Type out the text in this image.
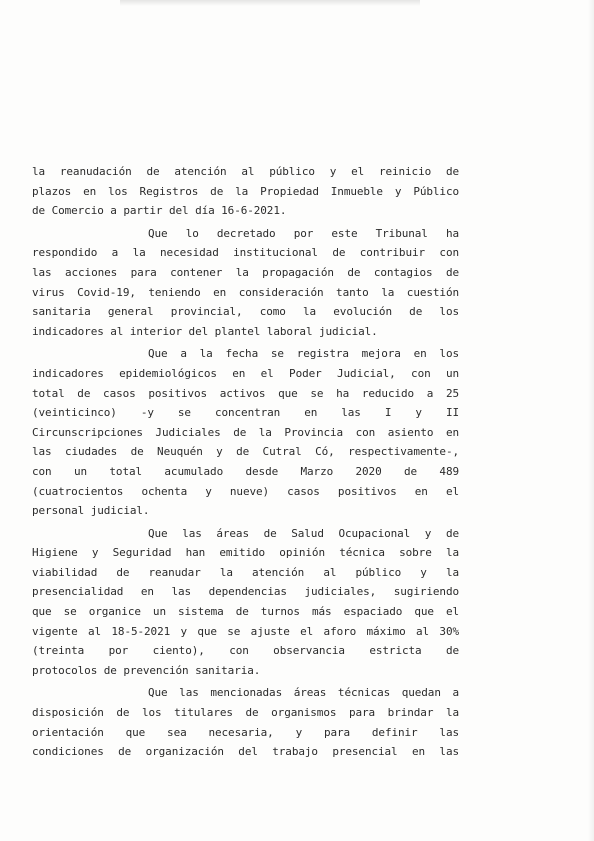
la reanudación de atención al público y el reinicio de
plazos en los Registros de la Propiedad Inmueble y Público
de Comercio a partir del día 16-6-2021.
Que lo decretado por este Tribunal ha
respondido a la necesidad institucional de contribuir con
las acciones para contener la propagación de contagios de
virus Covid-19, teniendo en consideración tanto la cuestión
sanitaria general provincial, como la evolución de los
indicadores al interior del plantel laboral judicial.
Que a la fecha se registra mejora en los
indicadores epidemiológicos en el Poder Judicial, con un
total de casos positivos activos que se ha reducido a 25
(veinticinco) -y se concentran en las I y II
Circunscripciones Judiciales de la Provincia con asiento en
las ciudades de Neuquén y de Cutral Có, respectivamente-,
con un total acumulado desde Marzo 2020 de 489
(cuatrocientos ochenta y nueve) casos positivos en el
personal judicial.
Que las áreas de Salud Ocupacional y de
Higiene y Seguridad han emitido opinión técnica sobre la
viabilidad de reanudar la atención al público y la
presencialidad en las dependencias judiciales, sugiriendo
que se organice un sistema de turnos más espaciado que el
vigente al 18-5-2021 y que se ajuste el aforo máximo al 30%
(treinta por ciento), con observancia estricta de
protocolos de prevención sanitaria.
Que las mencionadas áreas técnicas quedan a
disposición de los titulares de organismos para brindar la
orientación que sea necesaria, y para definir las
condiciones de organización del trabajo presencial en las
